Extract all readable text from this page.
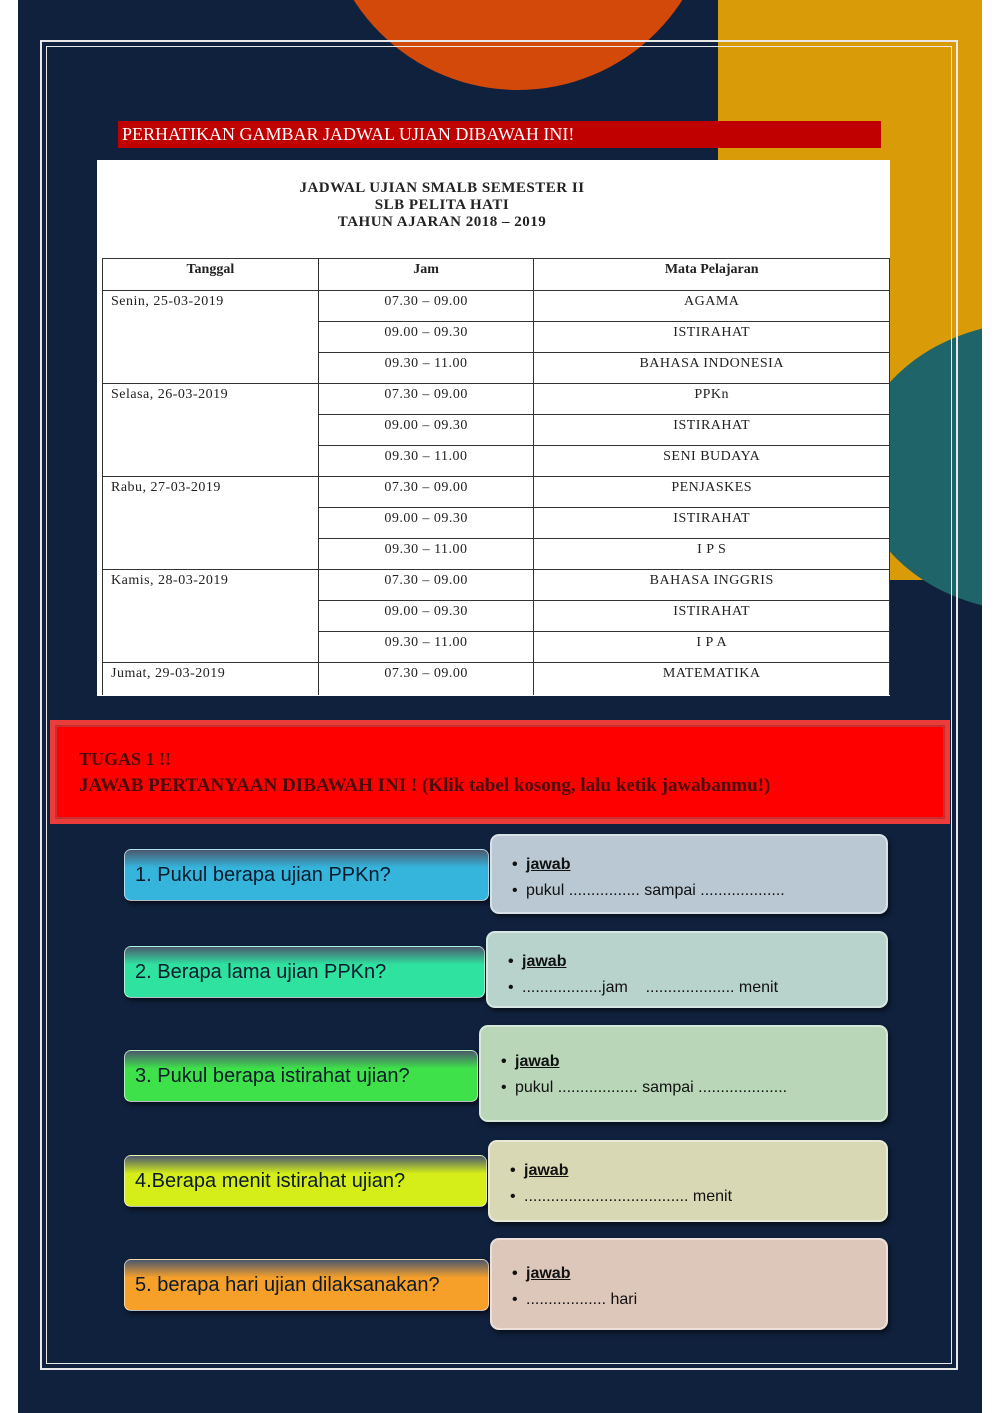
PERHATIKAN GAMBAR JADWAL UJIAN DIBAWAH INI!
JADWAL UJIAN SMALB SEMESTER II
SLB PELITA HATI
TAHUN AJARAN 2018 – 2019
Tanggal	Jam	Mata Pelajaran
Senin, 25-03-2019	07.30 – 09.00	AGAMA
	09.00 – 09.30	ISTIRAHAT
	09.30 – 11.00	BAHASA INDONESIA
Selasa, 26-03-2019	07.30 – 09.00	PPKn
	09.00 – 09.30	ISTIRAHAT
	09.30 – 11.00	SENI BUDAYA
Rabu, 27-03-2019	07.30 – 09.00	PENJASKES
	09.00 – 09.30	ISTIRAHAT
	09.30 – 11.00	I P S
Kamis, 28-03-2019	07.30 – 09.00	BAHASA INGGRIS
	09.00 – 09.30	ISTIRAHAT
	09.30 – 11.00	I P A
Jumat, 29-03-2019	07.30 – 09.00	MATEMATIKA
TUGAS 1 !!
JAWAB PERTANYAAN DIBAWAH INI ! (Klik tabel kosong, lalu ketik jawabanmu!)
1. Pukul berapa ujian PPKn?	• jawab
• pukul ................ sampai ...................
2. Berapa lama ujian PPKn?	• jawab
• ..................jam    .................... menit
3. Pukul berapa istirahat ujian?
• jawab
• pukul .................. sampai ....................
4.Berapa menit istirahat ujian?	• jawab
• ..................................... menit
5. berapa hari ujian dilaksanakan?
• jawab
• .................. hari
